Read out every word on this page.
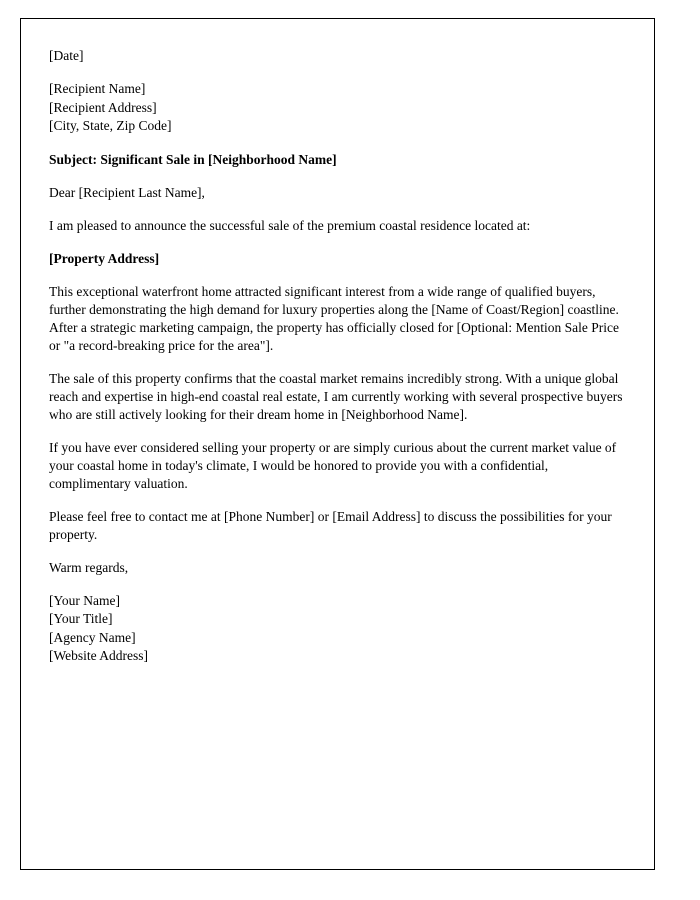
[Date]

[Recipient Name]
[Recipient Address]
[City, State, Zip Code]

Subject: Significant Sale in [Neighborhood Name]

Dear [Recipient Last Name],

I am pleased to announce the successful sale of the premium coastal residence located at:

[Property Address]

This exceptional waterfront home attracted significant interest from a wide range of qualified buyers, further demonstrating the high demand for luxury properties along the [Name of Coast/Region] coastline. After a strategic marketing campaign, the property has officially closed for [Optional: Mention Sale Price or "a record-breaking price for the area"].

The sale of this property confirms that the coastal market remains incredibly strong. With a unique global reach and expertise in high-end coastal real estate, I am currently working with several prospective buyers who are still actively looking for their dream home in [Neighborhood Name].

If you have ever considered selling your property or are simply curious about the current market value of your coastal home in today's climate, I would be honored to provide you with a confidential, complimentary valuation.

Please feel free to contact me at [Phone Number] or [Email Address] to discuss the possibilities for your property.

Warm regards,

[Your Name]
[Your Title]
[Agency Name]
[Website Address]
